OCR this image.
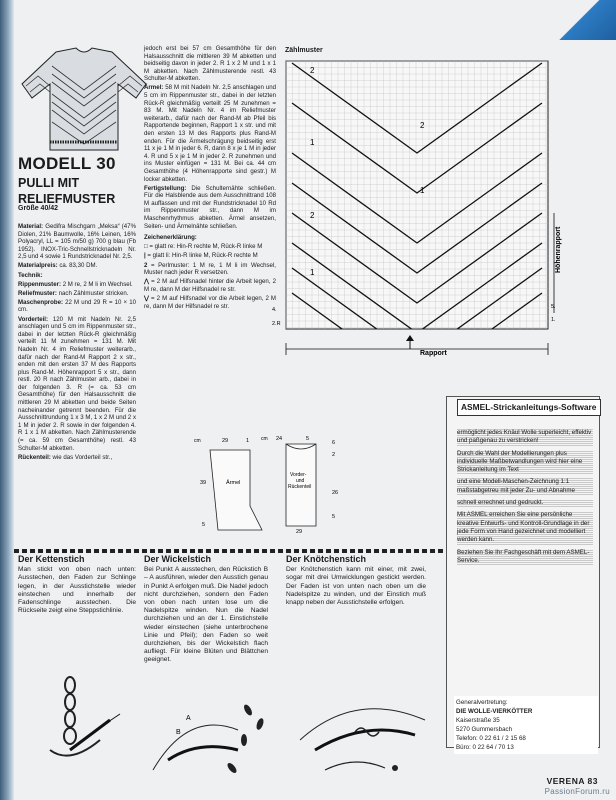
MODELL 30
PULLI MIT
RELIEFMUSTER
Größe 40/42

Material: Gedifra Mischgarn „Meksa“ (47% Diolen, 21% Baumwolle, 16% Leinen, 16% Polyacryl, LL = 105 m/50 g) 700 g blau (Fb 1952). INOX-Tric-Schnellstricknadeln Nr. 2,5 und 4 sowie 1 Rundstricknadel Nr. 2,5.

Materialpreis: ca. 83,30 DM.

Technik:

Rippenmuster: 2 M re, 2 M li im Wechsel.

Reliefmuster: nach Zählmuster stricken.

Maschenprobe: 22 M und 29 R = 10 × 10 cm.

Vorderteil: 120 M mit Nadeln Nr. 2,5 anschlagen und 5 cm im Rippenmuster str., dabei in der letzten Rück-R gleichmäßig verteilt 11 M zunehmen = 131 M. Mit Nadeln Nr. 4 im Reliefmuster weiterarb., dafür nach der Rand-M Rapport 2 x str., enden mit den ersten 37 M des Rapports plus Rand-M. Höhenrapport 5 x str., dann restl. 20 R nach Zählmuster arb., dabei in der folgenden 3. R (= ca. 53 cm Gesamthöhe) für den Halsausschnitt die mittleren 29 M abketten und beide Seiten nacheinander getrennt beenden. Für die Ausschnittrundung 1 x 3 M, 1 x 2 M und 2 x 1 M in jeder 2. R sowie in der folgenden 4. R 1 x 1 M abketten. Nach Zählmusterende (= ca. 59 cm Gesamthöhe) restl. 43 Schulter-M abketten.

Rückenteil: wie das Vorderteil str.,

jedoch erst bei 57 cm Gesamthöhe für den Halsausschnitt die mittleren 39 M abketten und beidseitig davon in jeder 2. R 1 x 2 M und 1 x 1 M abketten. Nach Zählmusterende restl. 43 Schulter-M abketten.

Ärmel: 58 M mit Nadeln Nr. 2,5 anschlagen und 5 cm im Rippenmuster str., dabei in der letzten Rück-R gleichmäßig verteilt 25 M zunehmen = 83 M. Mit Nadeln Nr. 4 im Reliefmuster weiterarb., dafür nach der Rand-M ab Pfeil bis Rapportende beginnen, Rapport 1 x str. und mit den ersten 13 M des Rapports plus Rand-M enden. Für die Ärmelschrägung beidseitig erst 11 x je 1 M in jeder 6. R, dann 8 x je 1 M in jeder 4. R und 5 x je 1 M in jeder 2. R zunehmen und ins Muster einfügen = 131 M. Bei ca. 44 cm Gesamthöhe (4 Höhenrapporte sind gestr.) M locker abketten.

Fertigstellung: Die Schulternähte schließen. Für die Halsblende aus dem Ausschnittrand 108 M auffassen und mit der Rundstricknadel 10 Rd im Rippenmuster str., dann M im Maschenrhythmus abketten. Ärmel ansetzen, Seiten- und Ärmelnähte schließen.

Zeichenerklärung:

□ = glatt re: Hin-R rechte M, Rück-R linke M

| = glatt li: Hin-R linke M, Rück-R rechte M

2 = Perlmuster: 1 M re, 1 M li im Wechsel, Muster nach jeder R versetzen.

⋀ = 2 M auf Hilfsnadel hinter die Arbeit legen, 2 M re, dann M der Hilfsnadel re str.

⋁ = 2 M auf Hilfsnadel vor die Arbeit legen, 2 M re, dann M der Hilfsnadel re str.

Zählmuster
2
2
1
1
2
1	Höhenrapport
5.
1.
4.
2.R
Rapport
cm	29	1
Ärmel
39
5
cm 24	5
6
2
Vorder-
und
Rückenteil
26
5
29
ASMEL-Strickanleitungs-Software

ermöglicht jedes Knäul Wolle superleicht, effektiv und paßgenau zu verstricken!

Durch die Wahl der Modellierungen plus individuelle Maßbetwandlungen wird hier eine Strickanleitung im Text

und eine Modell-Maschen-Zeichnung 1:1 maßstabgetreu mit jeder Zu- und Abnahme

schnell errechnet und gedruckt.

Mit ASMEL erreichen Sie eine persönliche kreative Entwurfs- und Kontroll-Grundlage in der jede Form von Hand gezeichnet und modelliert werden kann.

Beziehen Sie Ihr Fachgeschäft mit dem ASMEL-Service.

Generalvertretung:
DIE WOLLE-VIERKÖTTER
Kaiserstraße 35
5270 Gummersbach
Telefon: 0 22 61 / 2 15 68
Büro: 0 22 64 / 70 13
Der Kettenstich
Man stickt von oben nach unten: Ausstechen, den Faden zur Schlinge legen, in der Ausstichstelle wieder einstechen und innerhalb der Fadenschlinge ausstechen. Die Rückseite zeigt eine Steppstichlinie.
Der Wickelstich
Bei Punkt A ausstechen, den Rückstich B – A ausführen, wieder den Ausstich genau in Punkt A erfolgen muß. Die Nadel jedoch nicht durchziehen, sondern den Faden von oben nach unten lose um die Nadelspitze winden. Nun die Nadel durchziehen und an der 1. Einstichstelle wieder einstechen (siehe unterbrochene Linie und Pfeil); den Faden so weit durchziehen, bis der Wickelstich flach aufliegt. Für kleine Blüten und Blättchen geeignet.
Der Knötchenstich
Der Knötchenstich kann mit einer, mit zwei, sogar mit drei Umwicklungen gestickt werden. Der Faden ist von unten nach oben um die Nadelspitze zu winden, und der Einstich muß knapp neben der Ausstichstelle erfolgen.
A
B
VERENA 83
PassionForum.ru
